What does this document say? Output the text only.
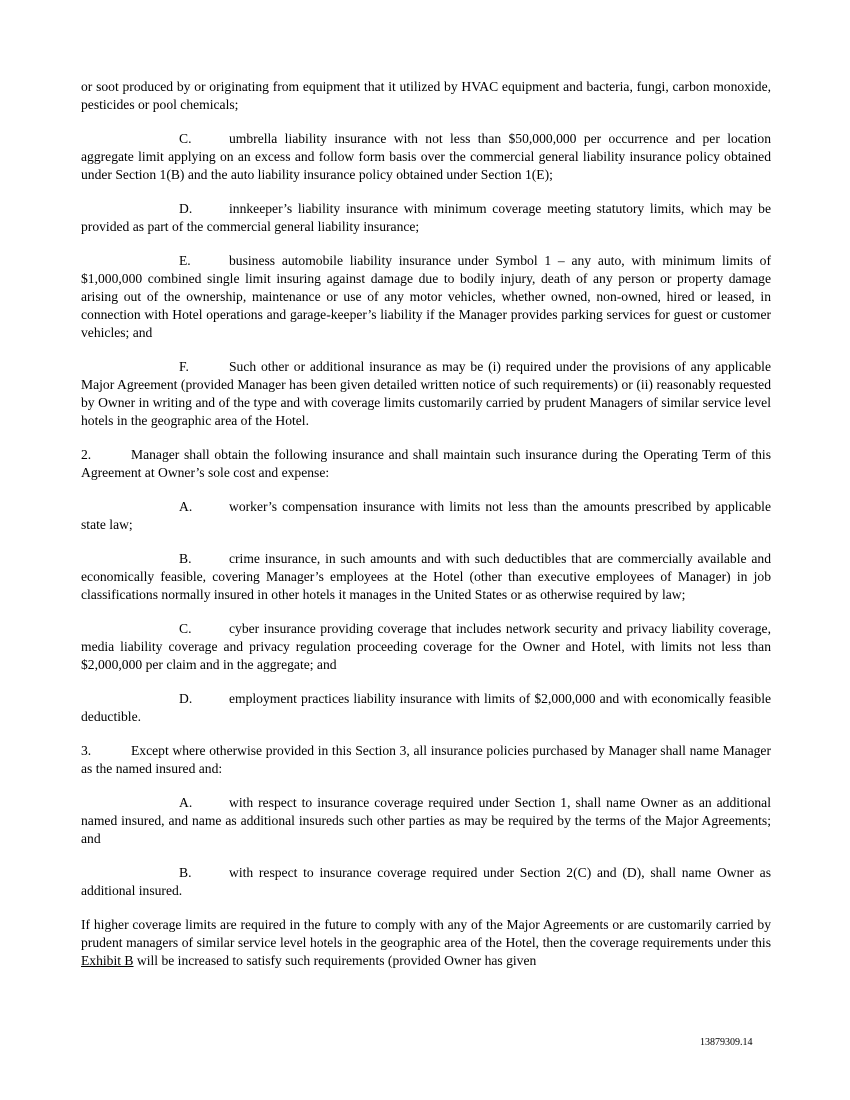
or soot produced by or originating from equipment that it utilized by HVAC equipment and bacteria, fungi, carbon monoxide, pesticides or pool chemicals;

C.	umbrella liability insurance with not less than $50,000,000 per occurrence and per location aggregate limit applying on an excess and follow form basis over the commercial general liability insurance policy obtained under Section 1(B) and the auto liability insurance policy obtained under Section 1(E);

D.	innkeeper’s liability insurance with minimum coverage meeting statutory limits, which may be provided as part of the commercial general liability insurance;

E.	business automobile liability insurance under Symbol 1 – any auto, with minimum limits of $1,000,000 combined single limit insuring against damage due to bodily injury, death of any person or property damage arising out of the ownership, maintenance or use of any motor vehicles, whether owned, non-owned, hired or leased, in connection with Hotel operations and garage-keeper’s liability if the Manager provides parking services for guest or customer vehicles; and

F.	Such other or additional insurance as may be (i) required under the provisions of any applicable Major Agreement (provided Manager has been given detailed written notice of such requirements) or (ii) reasonably requested by Owner in writing and of the type and with coverage limits customarily carried by prudent Managers of similar service level hotels in the geographic area of the Hotel.

2.	Manager shall obtain the following insurance and shall maintain such insurance during the Operating Term of this Agreement at Owner’s sole cost and expense:

A.	worker’s compensation insurance with limits not less than the amounts prescribed by applicable state law;

B.	crime insurance, in such amounts and with such deductibles that are commercially available and economically feasible, covering Manager’s employees at the Hotel (other than executive employees of Manager) in job classifications normally insured in other hotels it manages in the United States or as otherwise required by law;

C.	cyber insurance providing coverage that includes network security and privacy liability coverage, media liability coverage and privacy regulation proceeding coverage for the Owner and Hotel, with limits not less than $2,000,000 per claim and in the aggregate; and

D.	employment practices liability insurance with limits of $2,000,000 and with economically feasible deductible.

3.	Except where otherwise provided in this Section 3, all insurance policies purchased by Manager shall name Manager as the named insured and:

A.	with respect to insurance coverage required under Section 1, shall name Owner as an additional named insured, and name as additional insureds such other parties as may be required by the terms of the Major Agreements; and

B.	with respect to insurance coverage required under Section 2(C) and (D), shall name Owner as additional insured.

If higher coverage limits are required in the future to comply with any of the Major Agreements or are customarily carried by prudent managers of similar service level hotels in the geographic area of the Hotel, then the coverage requirements under this Exhibit B will be increased to satisfy such requirements (provided Owner has given

13879309.14
